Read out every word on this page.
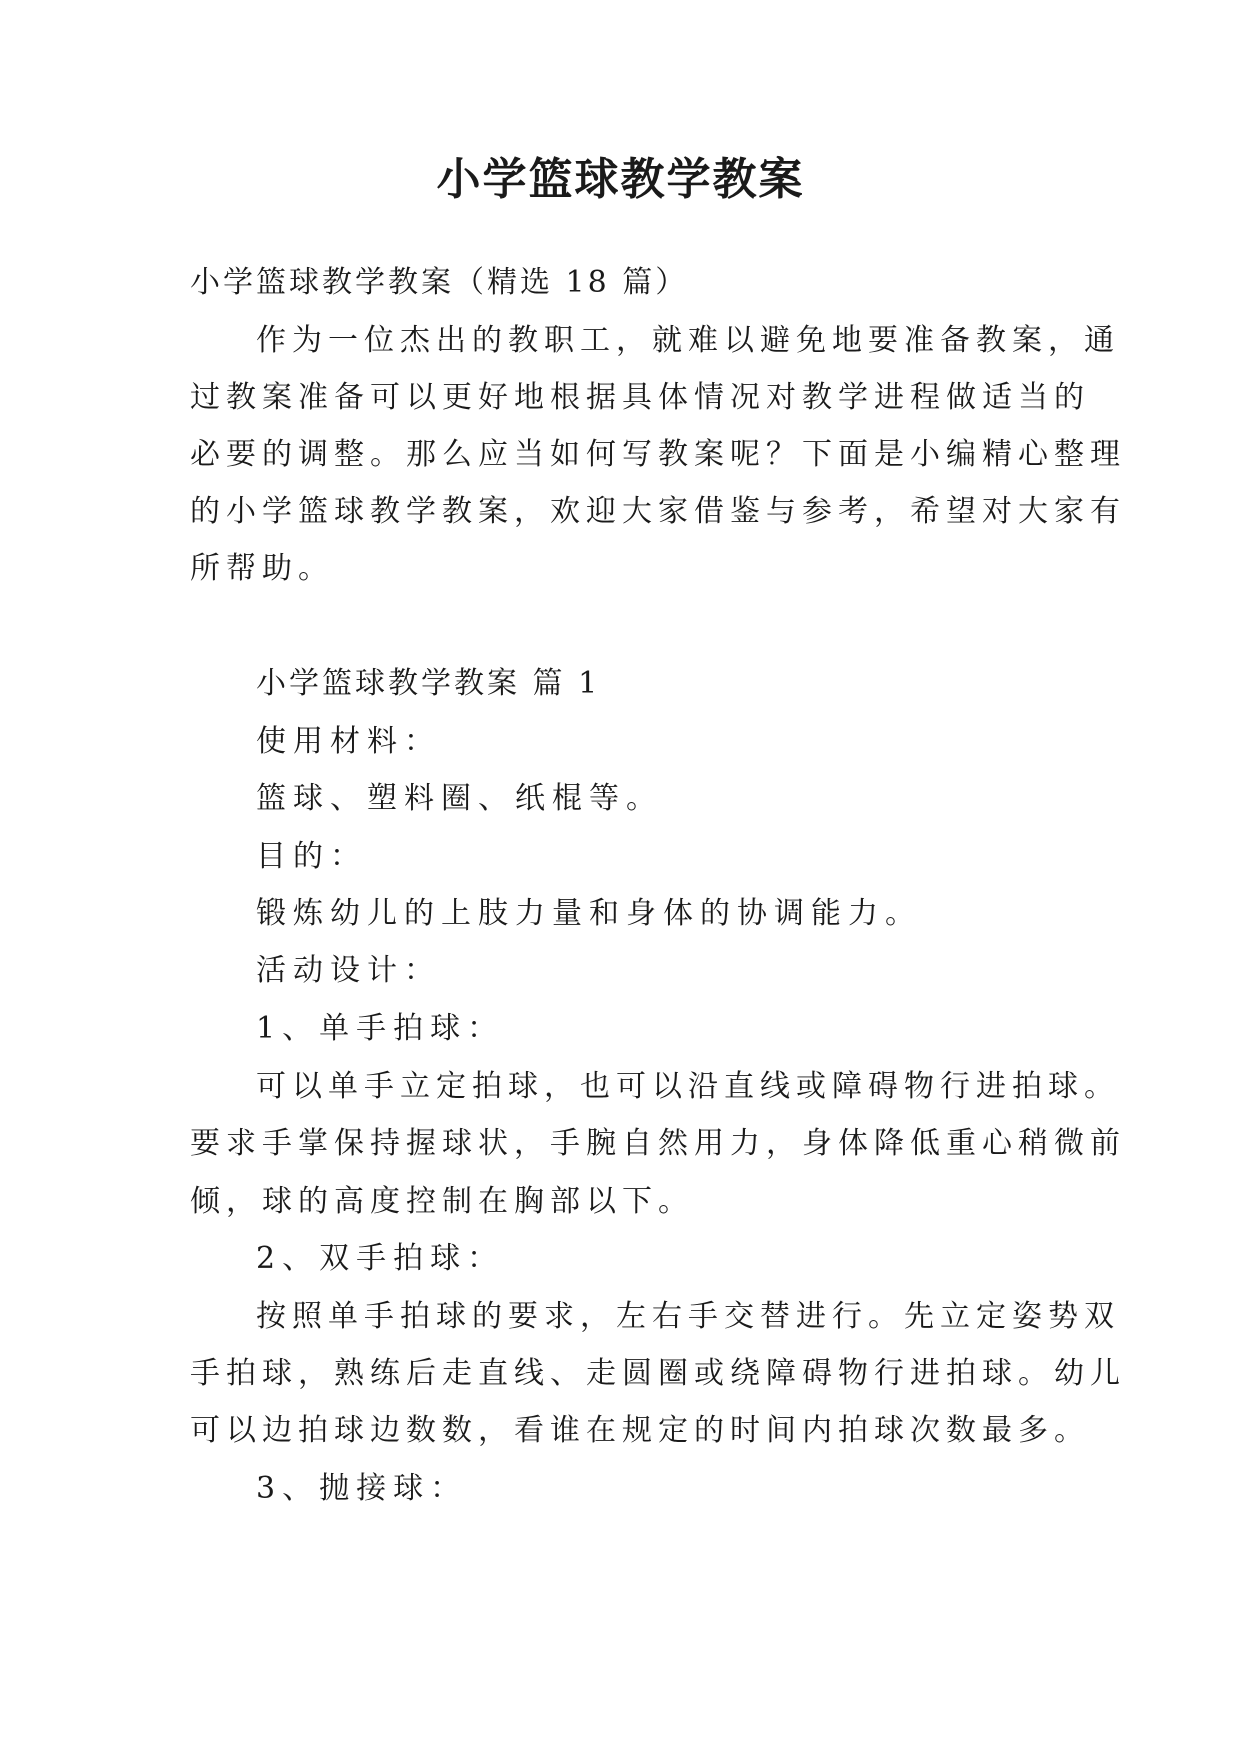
小学篮球教学教案
小学篮球教学教案（精选 18 篇）
作为一位杰出的教职工，就难以避免地要准备教案，通
过教案准备可以更好地根据具体情况对教学进程做适当的
必要的调整。那么应当如何写教案呢？下面是小编精心整理
的小学篮球教学教案，欢迎大家借鉴与参考，希望对大家有
所帮助。
小学篮球教学教案 篇 1
使用材料：
篮球、塑料圈、纸棍等。
目的：
锻炼幼儿的上肢力量和身体的协调能力。
活动设计：
1、单手拍球：
可以单手立定拍球，也可以沿直线或障碍物行进拍球。
要求手掌保持握球状，手腕自然用力，身体降低重心稍微前
倾，球的高度控制在胸部以下。
2、双手拍球：
按照单手拍球的要求，左右手交替进行。先立定姿势双
手拍球，熟练后走直线、走圆圈或绕障碍物行进拍球。幼儿
可以边拍球边数数，看谁在规定的时间内拍球次数最多。
3、抛接球：
